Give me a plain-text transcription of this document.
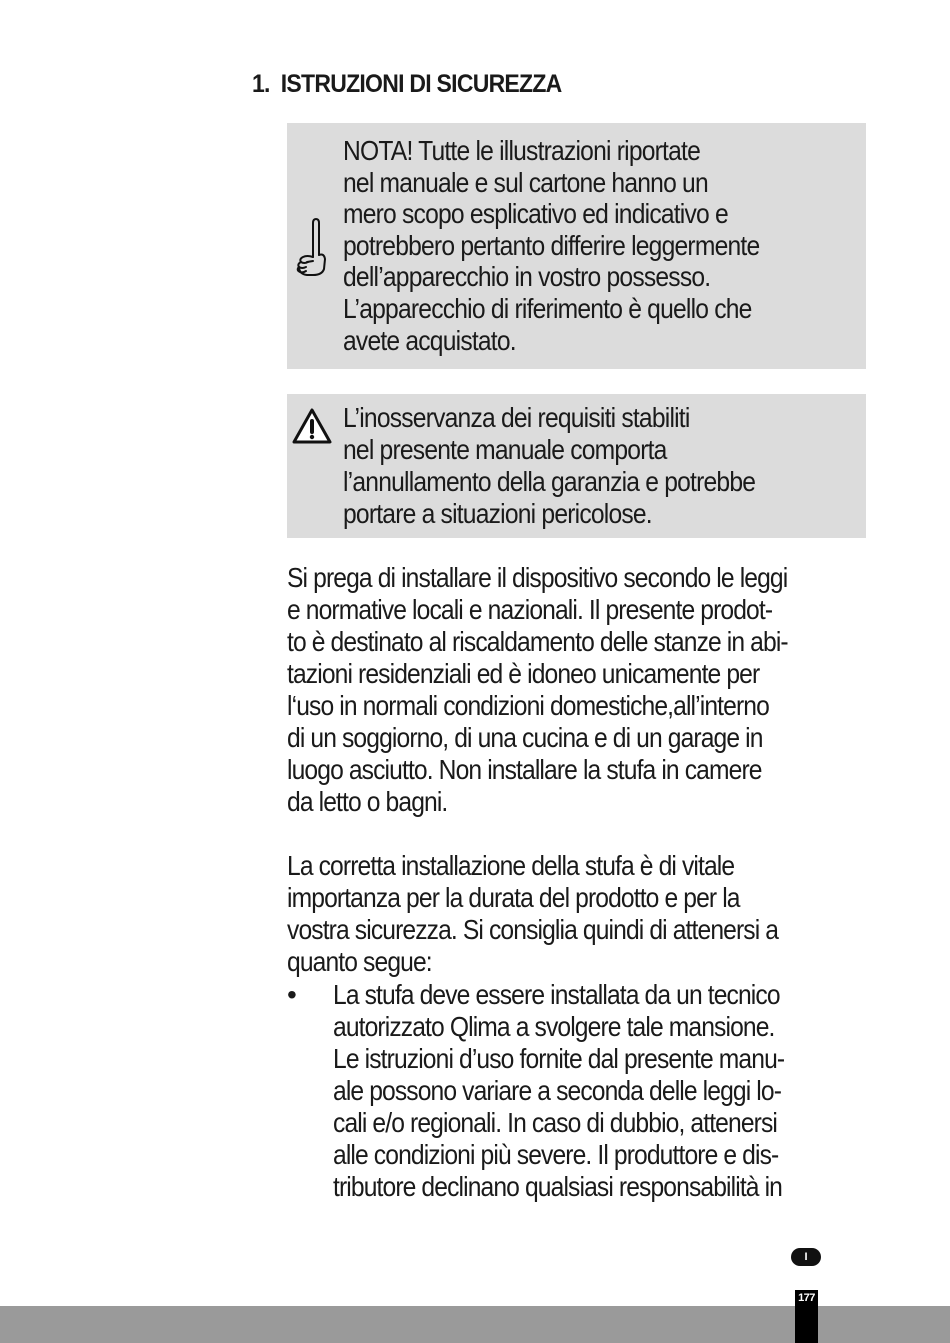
1. ISTRUZIONI DI SICUREZZA

NOTA! Tutte le illustrazioni riportate
nel manuale e sul cartone hanno un
mero scopo esplicativo ed indicativo e
potrebbero pertanto differire leggermente
dell’apparecchio in vostro possesso.
L’apparecchio di riferimento è quello che
avete acquistato.

L’inosservanza dei requisiti stabiliti
nel presente manuale comporta
l’annullamento della garanzia e potrebbe
portare a situazioni pericolose.

Si prega di installare il dispositivo secondo le leggi
e normative locali e nazionali. Il presente prodot-
to è destinato al riscaldamento delle stanze in abi-
tazioni residenziali ed è idoneo unicamente per
l‘uso in normali condizioni domestiche,all’interno
di un soggiorno, di una cucina e di un garage in
luogo asciutto. Non installare la stufa in camere
da letto o bagni.

La corretta installazione della stufa è di vitale
importanza per la durata del prodotto e per la
vostra sicurezza. Si consiglia quindi di attenersi a
quanto segue:

• La stufa deve essere installata da un tecnico
autorizzato Qlima a svolgere tale mansione.
Le istruzioni d’uso fornite dal presente manu-
ale possono variare a seconda delle leggi lo-
cali e/o regionali. In caso di dubbio, attenersi
alle condizioni più severe. Il produttore e dis-
tributore declinano qualsiasi responsabilità in
I
177
